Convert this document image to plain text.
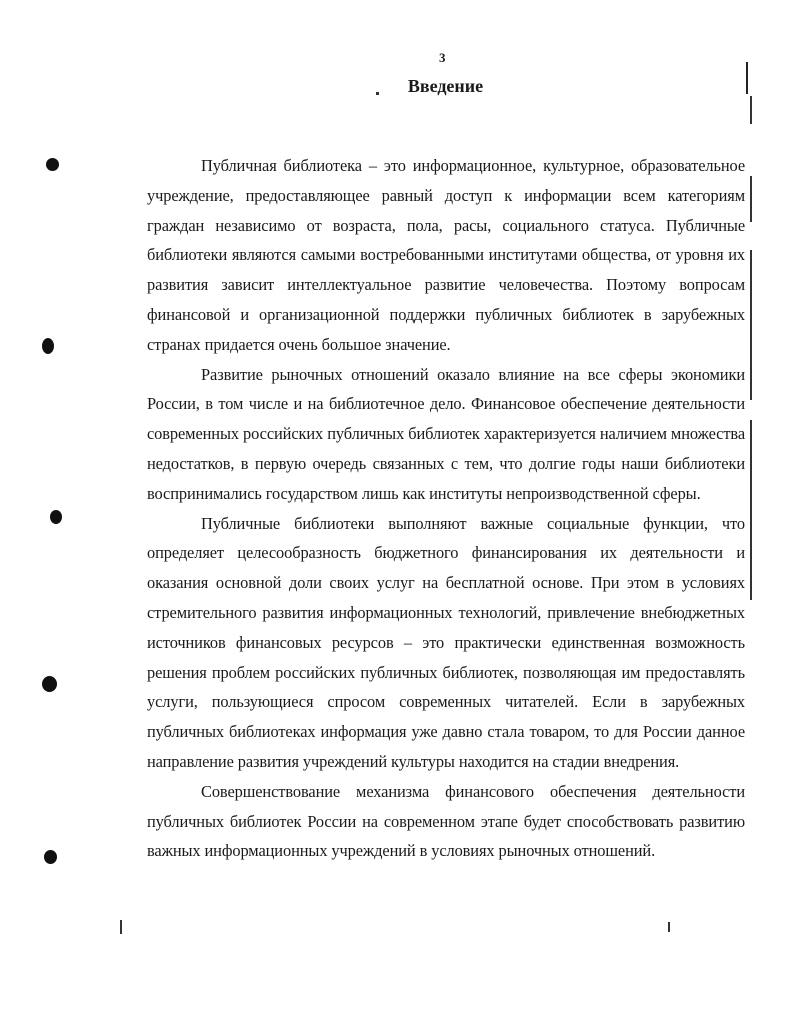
3
Введение

Публичная библиотека – это информационное, культурное, образовательное учреждение, предоставляющее равный доступ к информации всем категориям граждан независимо от возраста, пола, расы, социального статуса. Публичные библиотеки являются самыми востребованными институтами общества, от уровня их развития зависит интеллектуальное развитие человечества. Поэтому вопросам финансовой и организационной поддержки публичных библиотек в зарубежных странах придается очень большое значение.

Развитие рыночных отношений оказало влияние на все сферы экономики России, в том числе и на библиотечное дело. Финансовое обеспечение деятельности современных российских публичных библиотек характеризуется наличием множества недостатков, в первую очередь связанных с тем, что долгие годы наши библиотеки воспринимались государством лишь как институты непроизводственной сферы.

Публичные библиотеки выполняют важные социальные функции, что определяет целесообразность бюджетного финансирования их деятельности и оказания основной доли своих услуг на бесплатной основе. При этом в условиях стремительного развития информационных технологий, привлечение внебюджетных источников финансовых ресурсов – это практически единственная возможность решения проблем российских публичных библиотек, позволяющая им предоставлять услуги, пользующиеся спросом современных читателей. Если в зарубежных публичных библиотеках информация уже давно стала товаром, то для России данное направление развития учреждений культуры находится на стадии внедрения.

Совершенствование механизма финансового обеспечения деятельности публичных библиотек России на современном этапе будет способствовать развитию важных информационных учреждений в условиях рыночных отношений.
